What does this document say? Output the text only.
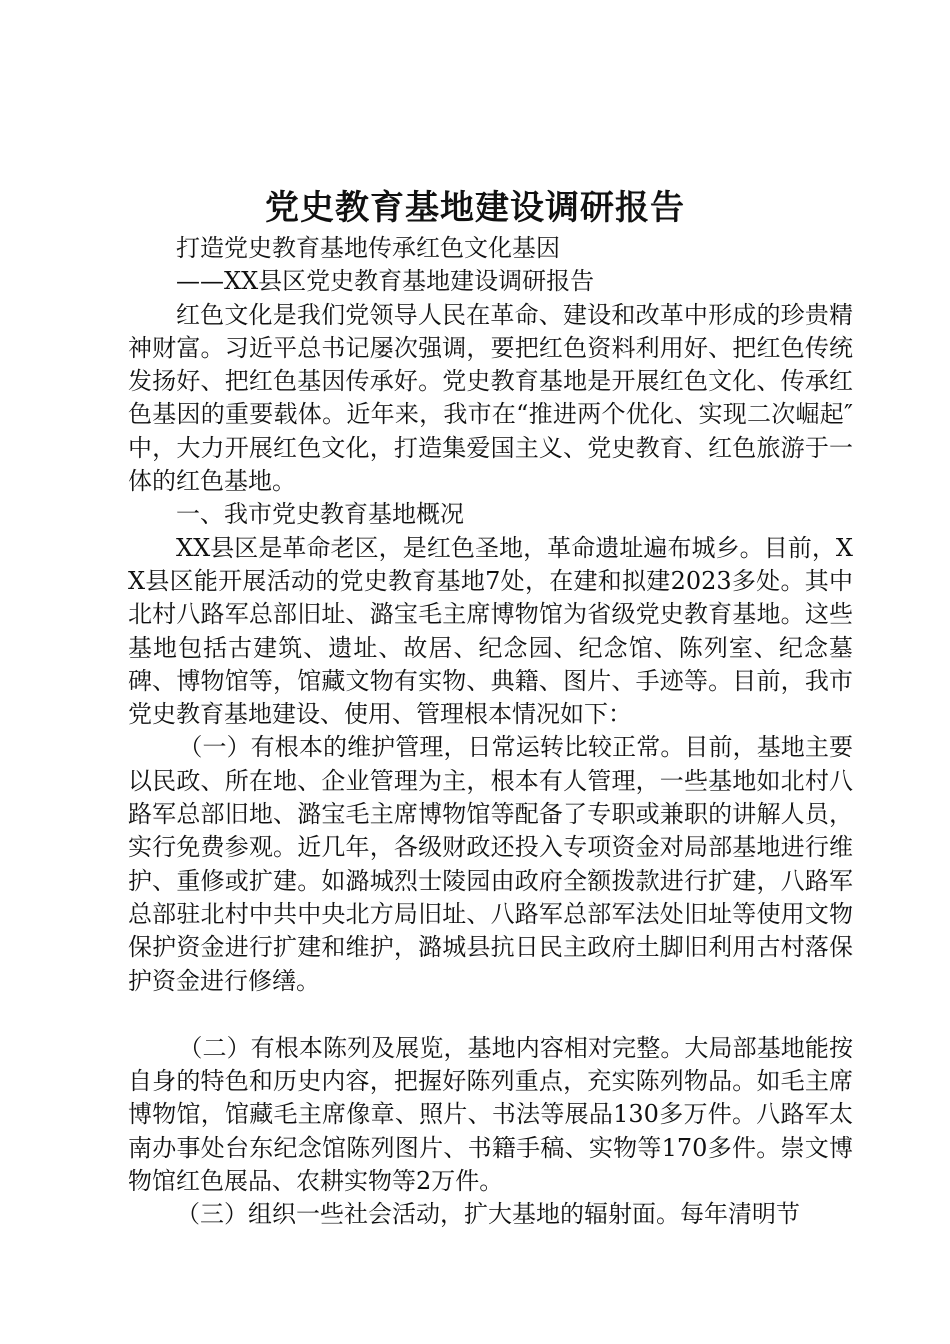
党史教育基地建设调研报告

打造党史教育基地传承红色文化基因

——XX县区党史教育基地建设调研报告

红色文化是我们党领导人民在革命、建设和改革中形成的珍贵精神财富。习近平总书记屡次强调，要把红色资料利用好、把红色传统发扬好、把红色基因传承好。党史教育基地是开展红色文化、传承红色基因的重要载体。近年来，我市在“推进两个优化、实现二次崛起″中，大力开展红色文化，打造集爱国主义、党史教育、红色旅游于一体的红色基地。

一、我市党史教育基地概况

XX县区是革命老区，是红色圣地，革命遗址遍布城乡。目前，XX县区能开展活动的党史教育基地7处，在建和拟建2023多处。其中北村八路军总部旧址、潞宝毛主席博物馆为省级党史教育基地。这些基地包括古建筑、遗址、故居、纪念园、纪念馆、陈列室、纪念墓碑、博物馆等，馆藏文物有实物、典籍、图片、手迹等。目前，我市党史教育基地建设、使用、管理根本情况如下：

（一）有根本的维护管理，日常运转比较正常。目前，基地主要以民政、所在地、企业管理为主，根本有人管理，一些基地如北村八路军总部旧地、潞宝毛主席博物馆等配备了专职或兼职的讲解人员，实行免费参观。近几年，各级财政还投入专项资金对局部基地进行维护、重修或扩建。如潞城烈士陵园由政府全额拨款进行扩建，八路军总部驻北村中共中央北方局旧址、八路军总部军法处旧址等使用文物保护资金进行扩建和维护，潞城县抗日民主政府土脚旧利用古村落保护资金进行修缮。

（二）有根本陈列及展览，基地内容相对完整。大局部基地能按自身的特色和历史内容，把握好陈列重点，充实陈列物品。如毛主席博物馆，馆藏毛主席像章、照片、书法等展品130多万件。八路军太南办事处台东纪念馆陈列图片、书籍手稿、实物等170多件。崇文博物馆红色展品、农耕实物等2万件。

（三）组织一些社会活动，扩大基地的辐射面。每年清明节
